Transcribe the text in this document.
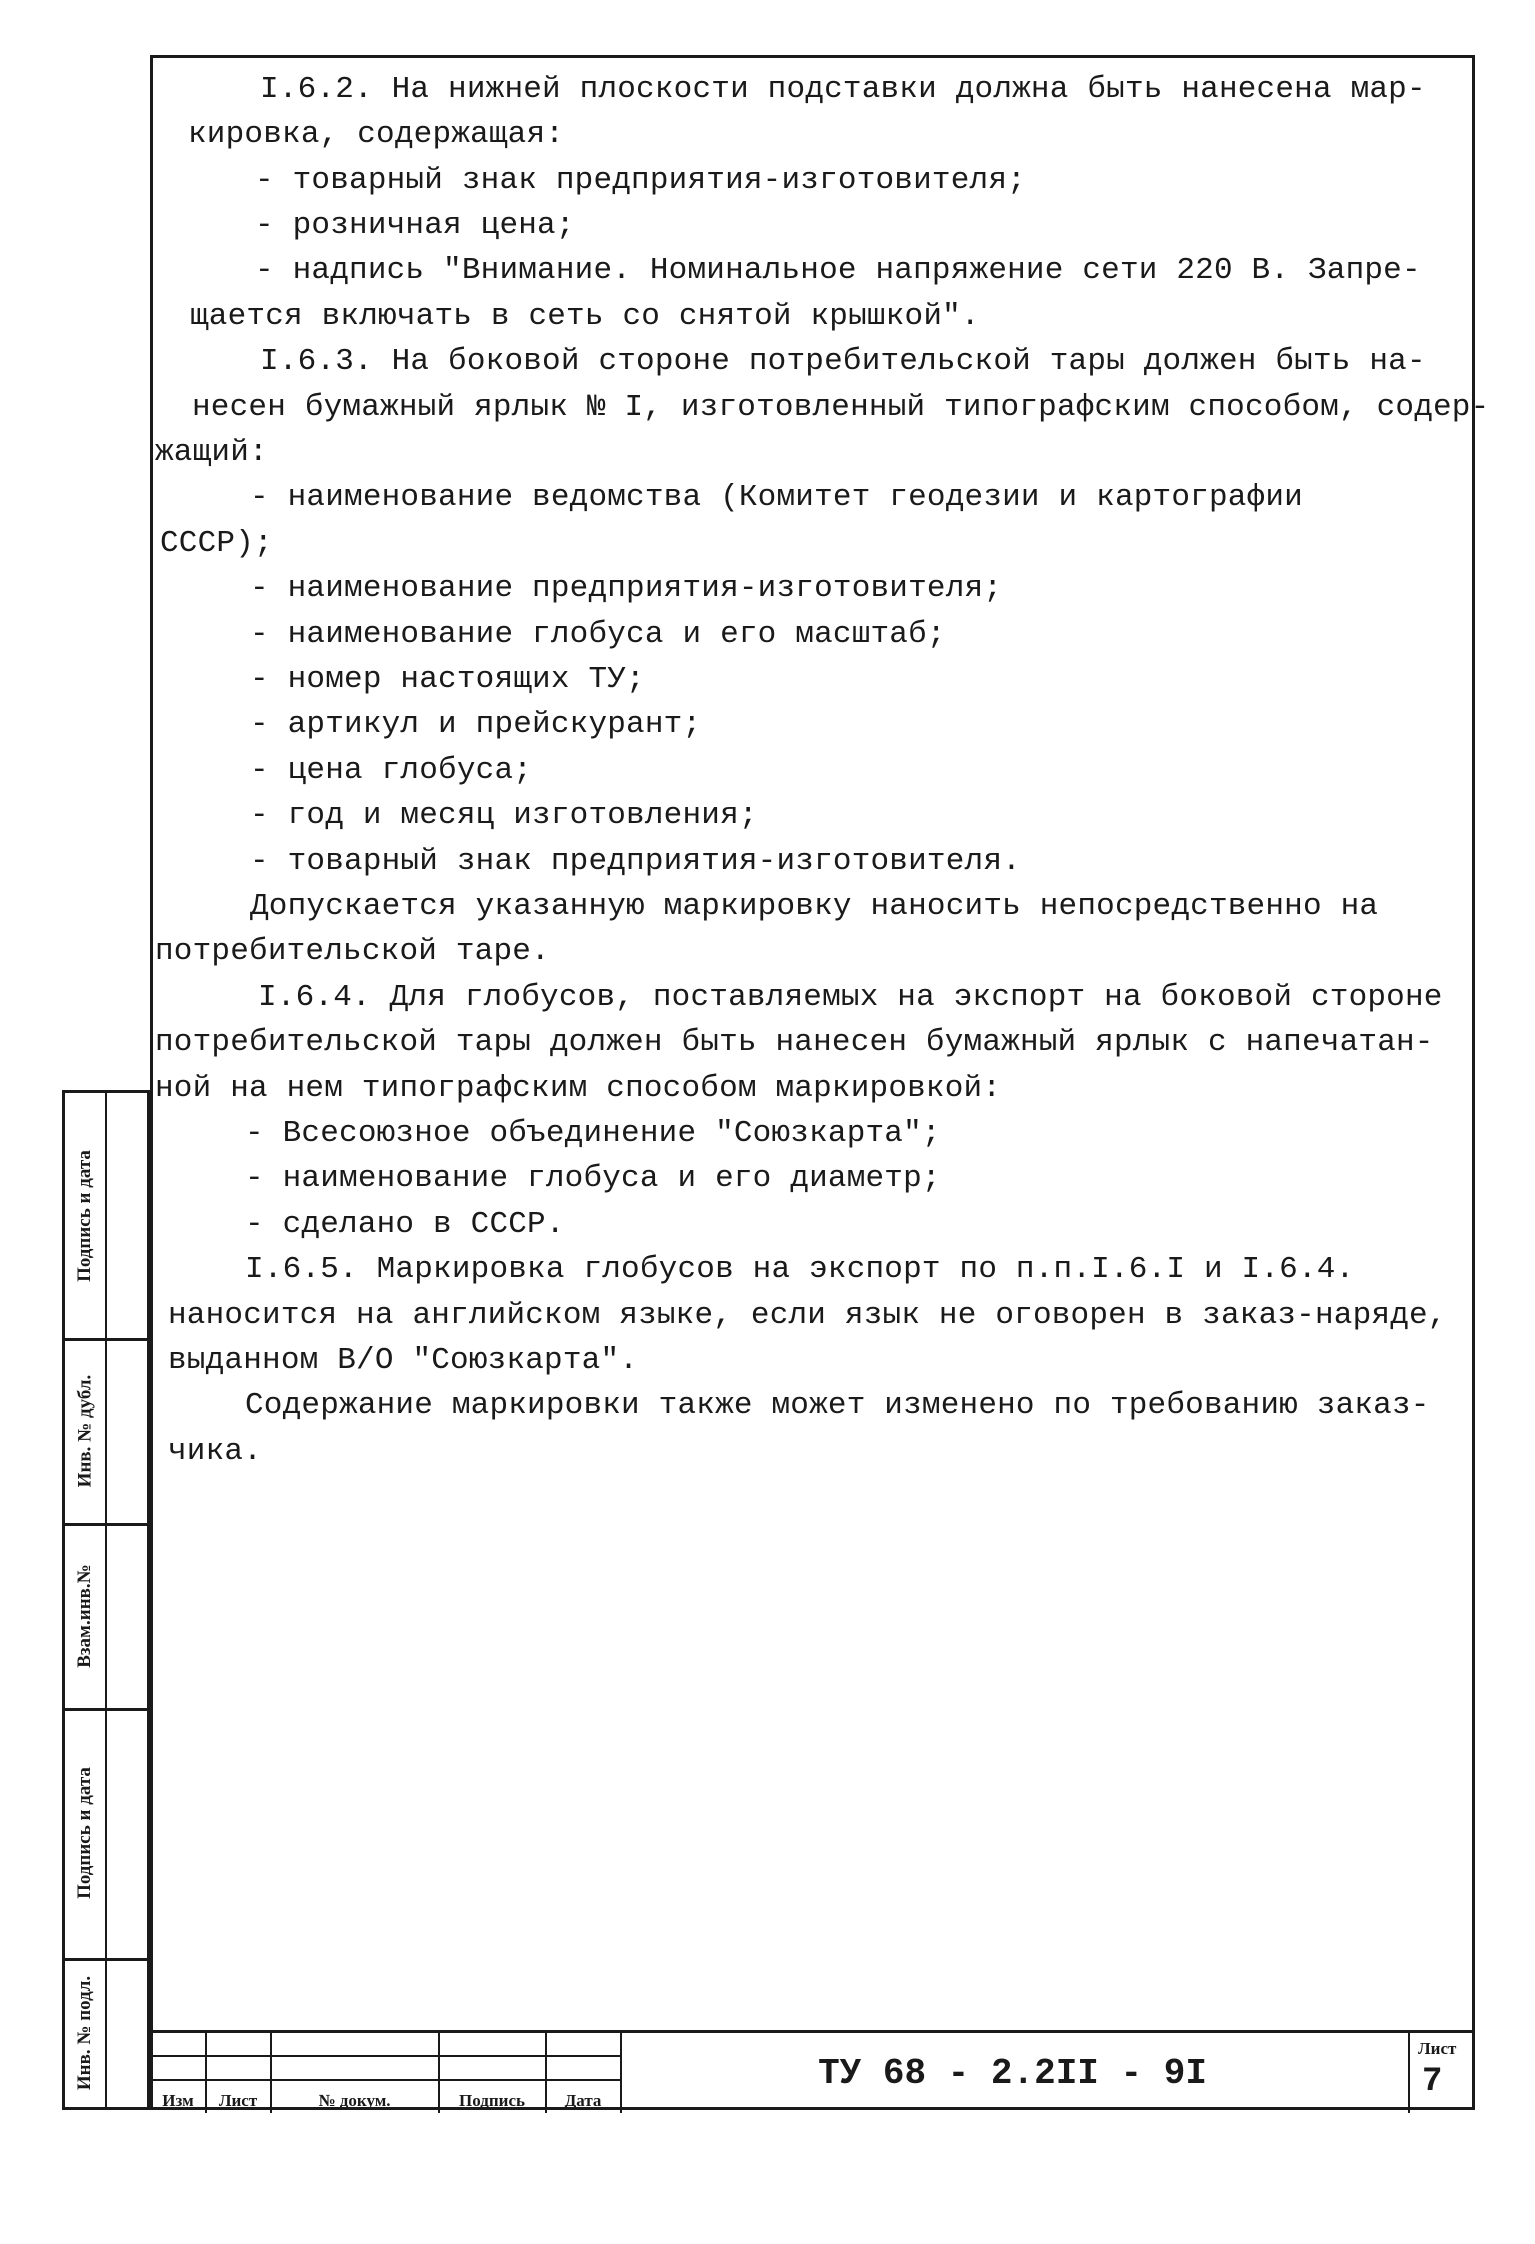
I.6.2. На нижней плоскости подставки должна быть нанесена мар-
кировка, содержащая:
- товарный знак предприятия-изготовителя;
- розничная цена;
- надпись "Внимание. Номинальное напряжение сети 220 В. Запре-
щается включать в сеть со снятой крышкой".
I.6.3. На боковой стороне потребительской тары должен быть на-
несен бумажный ярлык № I, изготовленный типографским способом, содер-
жащий:
- наименование ведомства (Комитет геодезии и картографии
СССР);
- наименование предприятия-изготовителя;
- наименование глобуса и его масштаб;
- номер настоящих ТУ;
- артикул и прейскурант;
- цена глобуса;
- год и месяц изготовления;
- товарный знак предприятия-изготовителя.
Допускается указанную маркировку наносить непосредственно на
потребительской таре.
I.6.4. Для глобусов, поставляемых на экспорт на боковой стороне
потребительской тары должен быть нанесен бумажный ярлык с напечатан-
ной на нем типографским способом маркировкой:
- Всесоюзное объединение "Союзкарта";
- наименование глобуса и его диаметр;
- сделано в СССР.
I.6.5. Маркировка глобусов на экспорт по п.п.I.6.I и I.6.4.
наносится на английском языке, если язык не оговорен в заказ-наряде,
выданном В/О "Союзкарта".
Содержание маркировки также может изменено по требованию заказ-
чика.
Подпись и дата
Инв. № дубл.
Взам.инв.№
Подпись и дата
Инв. № подл.
Изм	Лист	№ докум.	Подпись	Дата
ТУ 68 - 2.2II - 9I
Лист
7
